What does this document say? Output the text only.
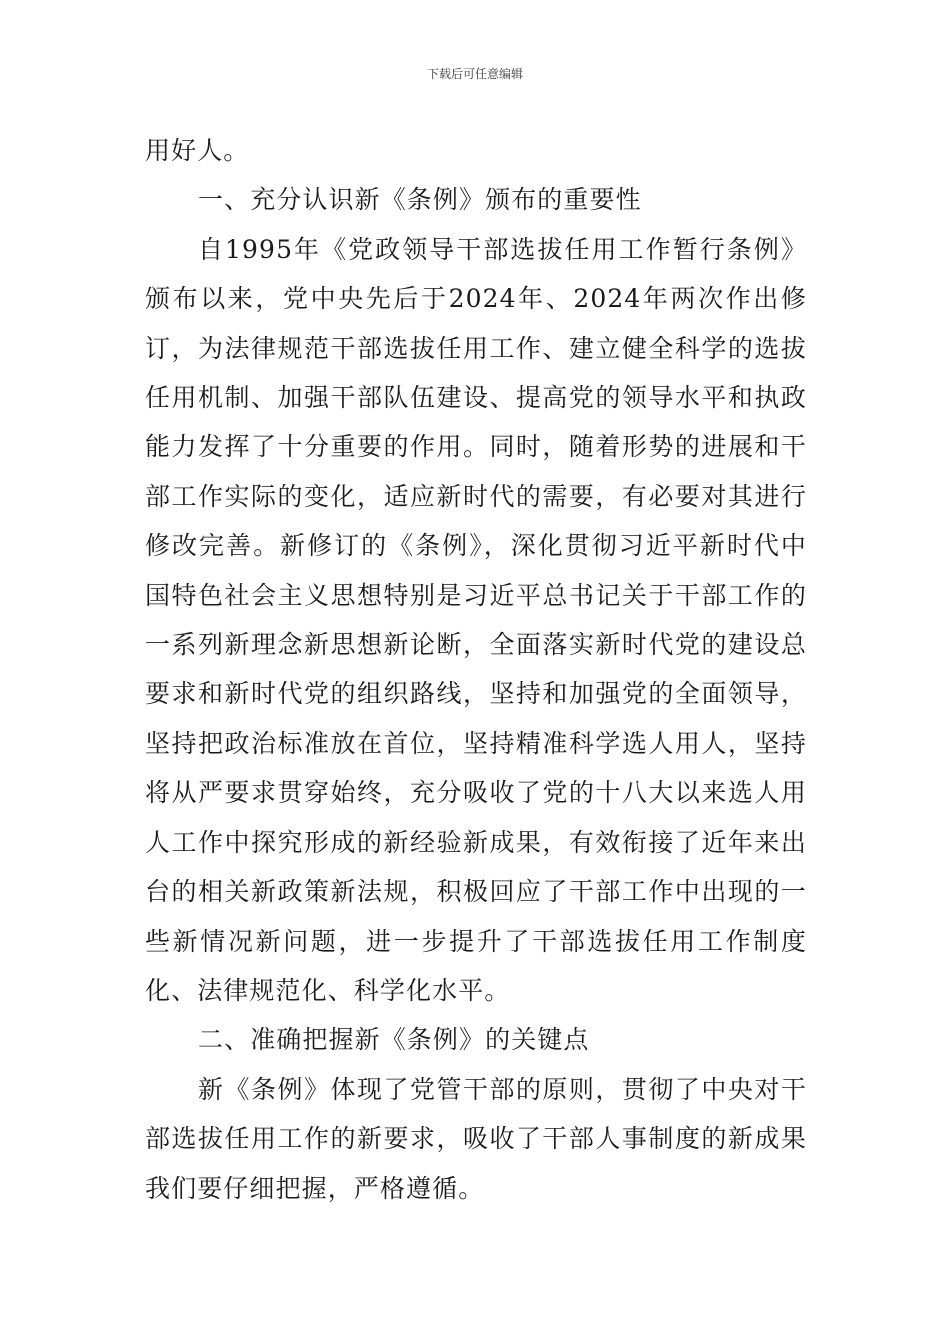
下载后可任意编辑

用好人。

一、充分认识新《条例》颁布的重要性

自1995年《党政领导干部选拔任用工作暂行条例》颁布以来，党中央先后于2024年、2024年两次作出修订，为法律规范干部选拔任用工作、建立健全科学的选拔任用机制、加强干部队伍建设、提高党的领导水平和执政能力发挥了十分重要的作用。同时，随着形势的进展和干部工作实际的变化，适应新时代的需要，有必要对其进行修改完善。新修订的《条例》，深化贯彻习近平新时代中国特色社会主义思想特别是习近平总书记关于干部工作的一系列新理念新思想新论断，全面落实新时代党的建设总要求和新时代党的组织路线，坚持和加强党的全面领导，坚持把政治标准放在首位，坚持精准科学选人用人，坚持将从严要求贯穿始终，充分吸收了党的十八大以来选人用人工作中探究形成的新经验新成果，有效衔接了近年来出台的相关新政策新法规，积极回应了干部工作中出现的一些新情况新问题，进一步提升了干部选拔任用工作制度化、法律规范化、科学化水平。

二、准确把握新《条例》的关键点

新《条例》体现了党管干部的原则，贯彻了中央对干部选拔任用工作的新要求，吸收了干部人事制度的新成果我们要仔细把握，严格遵循。
